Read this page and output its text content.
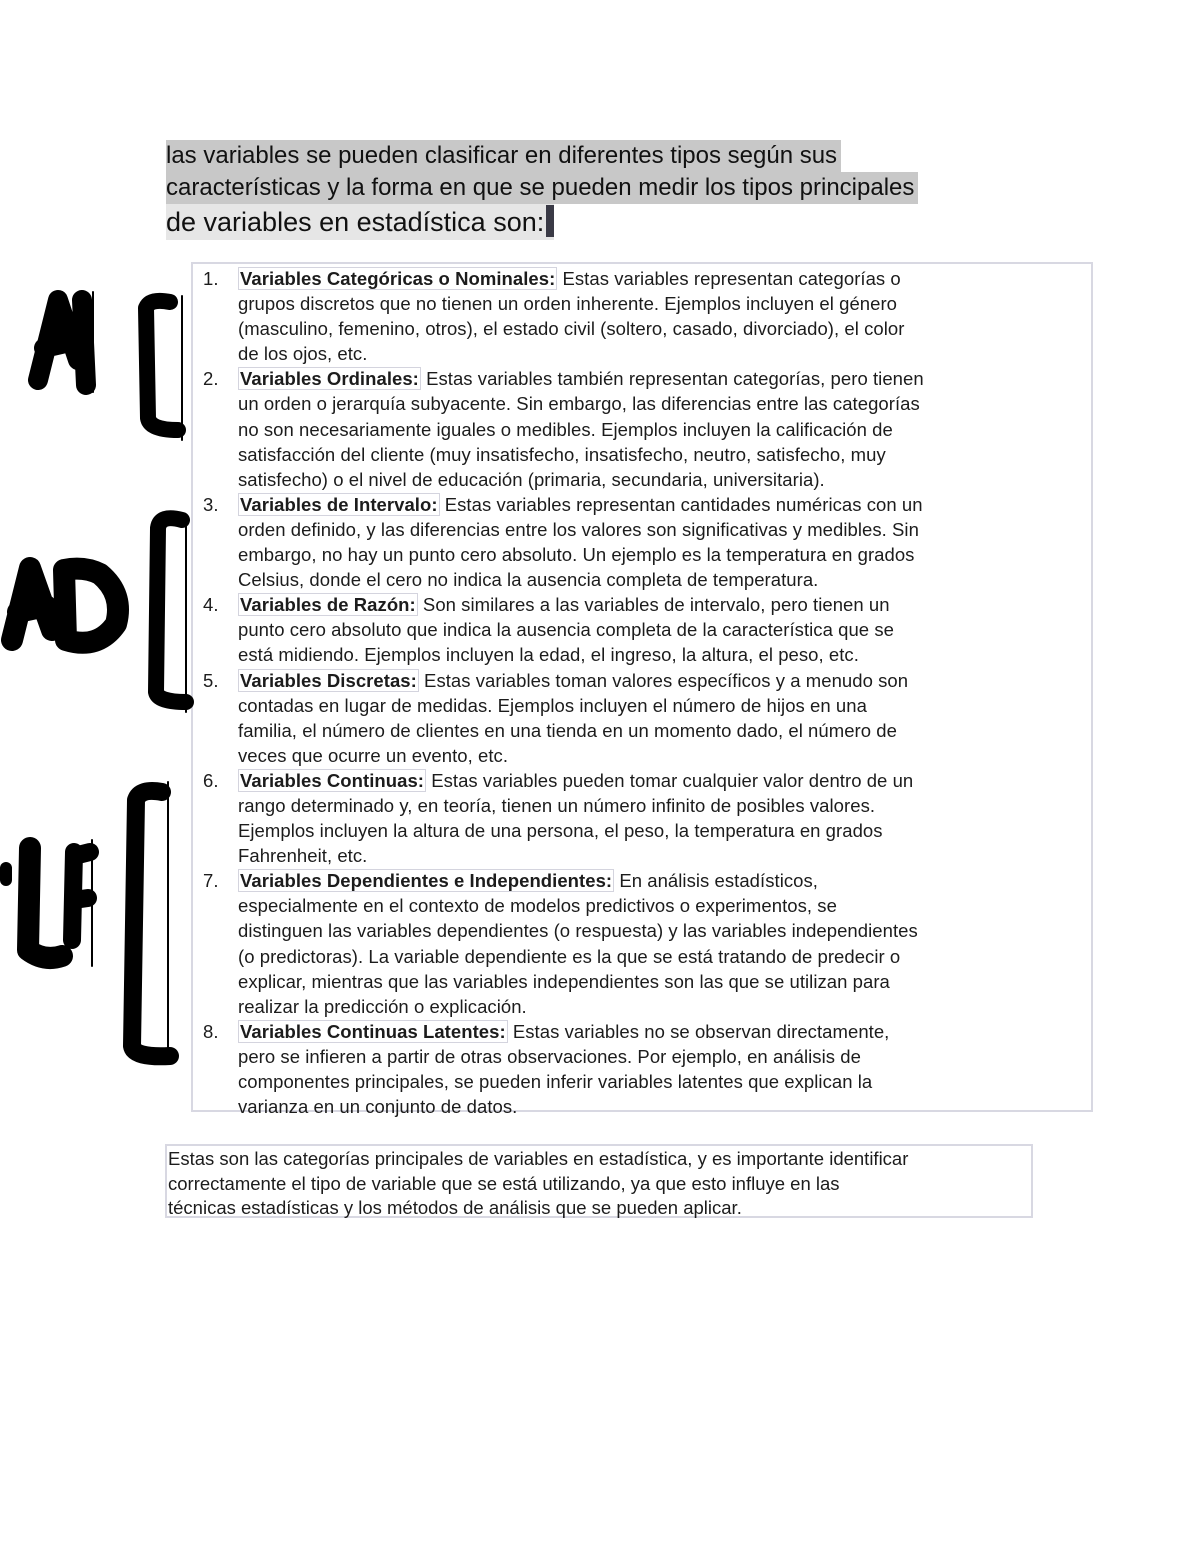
las variables se pueden clasificar en diferentes tipos según sus
características y la forma en que se pueden medir los tipos principales
de variables en estadística son:
1.	Variables Categóricas o Nominales: Estas variables representan categorías o
grupos discretos que no tienen un orden inherente. Ejemplos incluyen el género
(masculino, femenino, otros), el estado civil (soltero, casado, divorciado), el color
de los ojos, etc.
2.	Variables Ordinales: Estas variables también representan categorías, pero tienen
un orden o jerarquía subyacente. Sin embargo, las diferencias entre las categorías
no son necesariamente iguales o medibles. Ejemplos incluyen la calificación de
satisfacción del cliente (muy insatisfecho, insatisfecho, neutro, satisfecho, muy
satisfecho) o el nivel de educación (primaria, secundaria, universitaria).
3.	Variables de Intervalo: Estas variables representan cantidades numéricas con un
orden definido, y las diferencias entre los valores son significativas y medibles. Sin
embargo, no hay un punto cero absoluto. Un ejemplo es la temperatura en grados
Celsius, donde el cero no indica la ausencia completa de temperatura.
4.	Variables de Razón: Son similares a las variables de intervalo, pero tienen un
punto cero absoluto que indica la ausencia completa de la característica que se
está midiendo. Ejemplos incluyen la edad, el ingreso, la altura, el peso, etc.
5.	Variables Discretas: Estas variables toman valores específicos y a menudo son
contadas en lugar de medidas. Ejemplos incluyen el número de hijos en una
familia, el número de clientes en una tienda en un momento dado, el número de
veces que ocurre un evento, etc.
6.	Variables Continuas: Estas variables pueden tomar cualquier valor dentro de un
rango determinado y, en teoría, tienen un número infinito de posibles valores.
Ejemplos incluyen la altura de una persona, el peso, la temperatura en grados
Fahrenheit, etc.
7.	Variables Dependientes e Independientes: En análisis estadísticos,
especialmente en el contexto de modelos predictivos o experimentos, se
distinguen las variables dependientes (o respuesta) y las variables independientes
(o predictoras). La variable dependiente es la que se está tratando de predecir o
explicar, mientras que las variables independientes son las que se utilizan para
realizar la predicción o explicación.
8.	Variables Continuas Latentes: Estas variables no se observan directamente,
pero se infieren a partir de otras observaciones. Por ejemplo, en análisis de
componentes principales, se pueden inferir variables latentes que explican la
varianza en un conjunto de datos.
Estas son las categorías principales de variables en estadística, y es importante identificar
correctamente el tipo de variable que se está utilizando, ya que esto influye en las
técnicas estadísticas y los métodos de análisis que se pueden aplicar.
